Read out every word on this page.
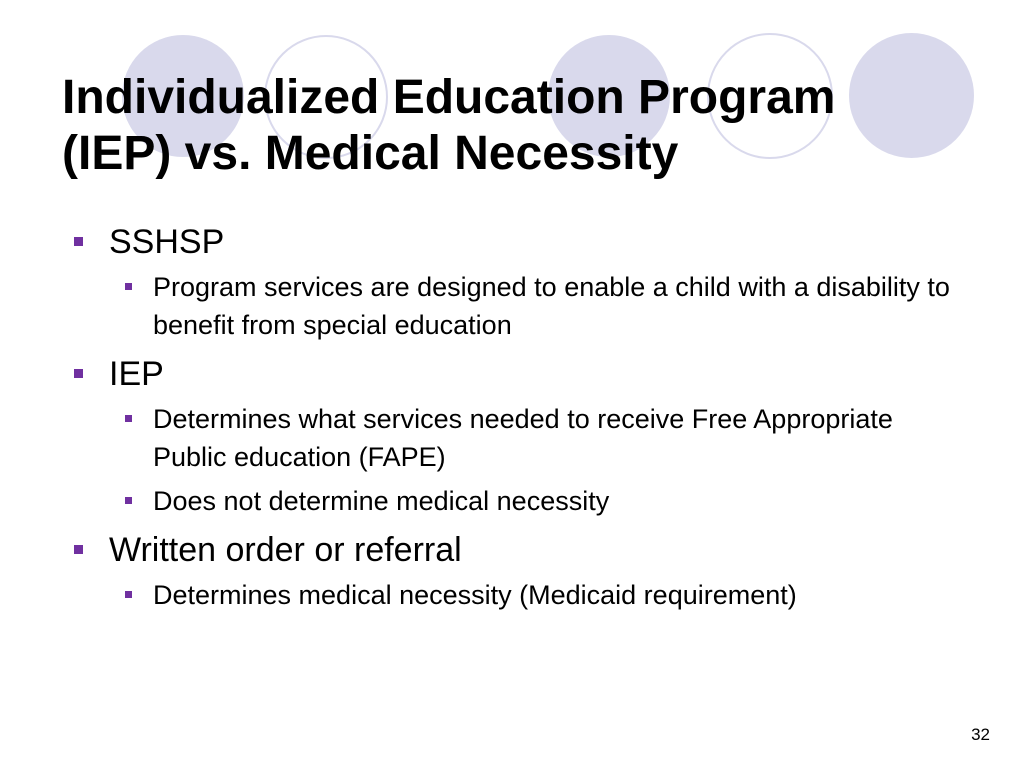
Individualized Education Program
(IEP) vs. Medical Necessity
SSHSP
Program services are designed to enable a child with a disability to benefit from special education
IEP
Determines what services needed to receive Free Appropriate Public education (FAPE)
Does not determine medical necessity
Written order or referral
Determines medical necessity (Medicaid requirement)
32
